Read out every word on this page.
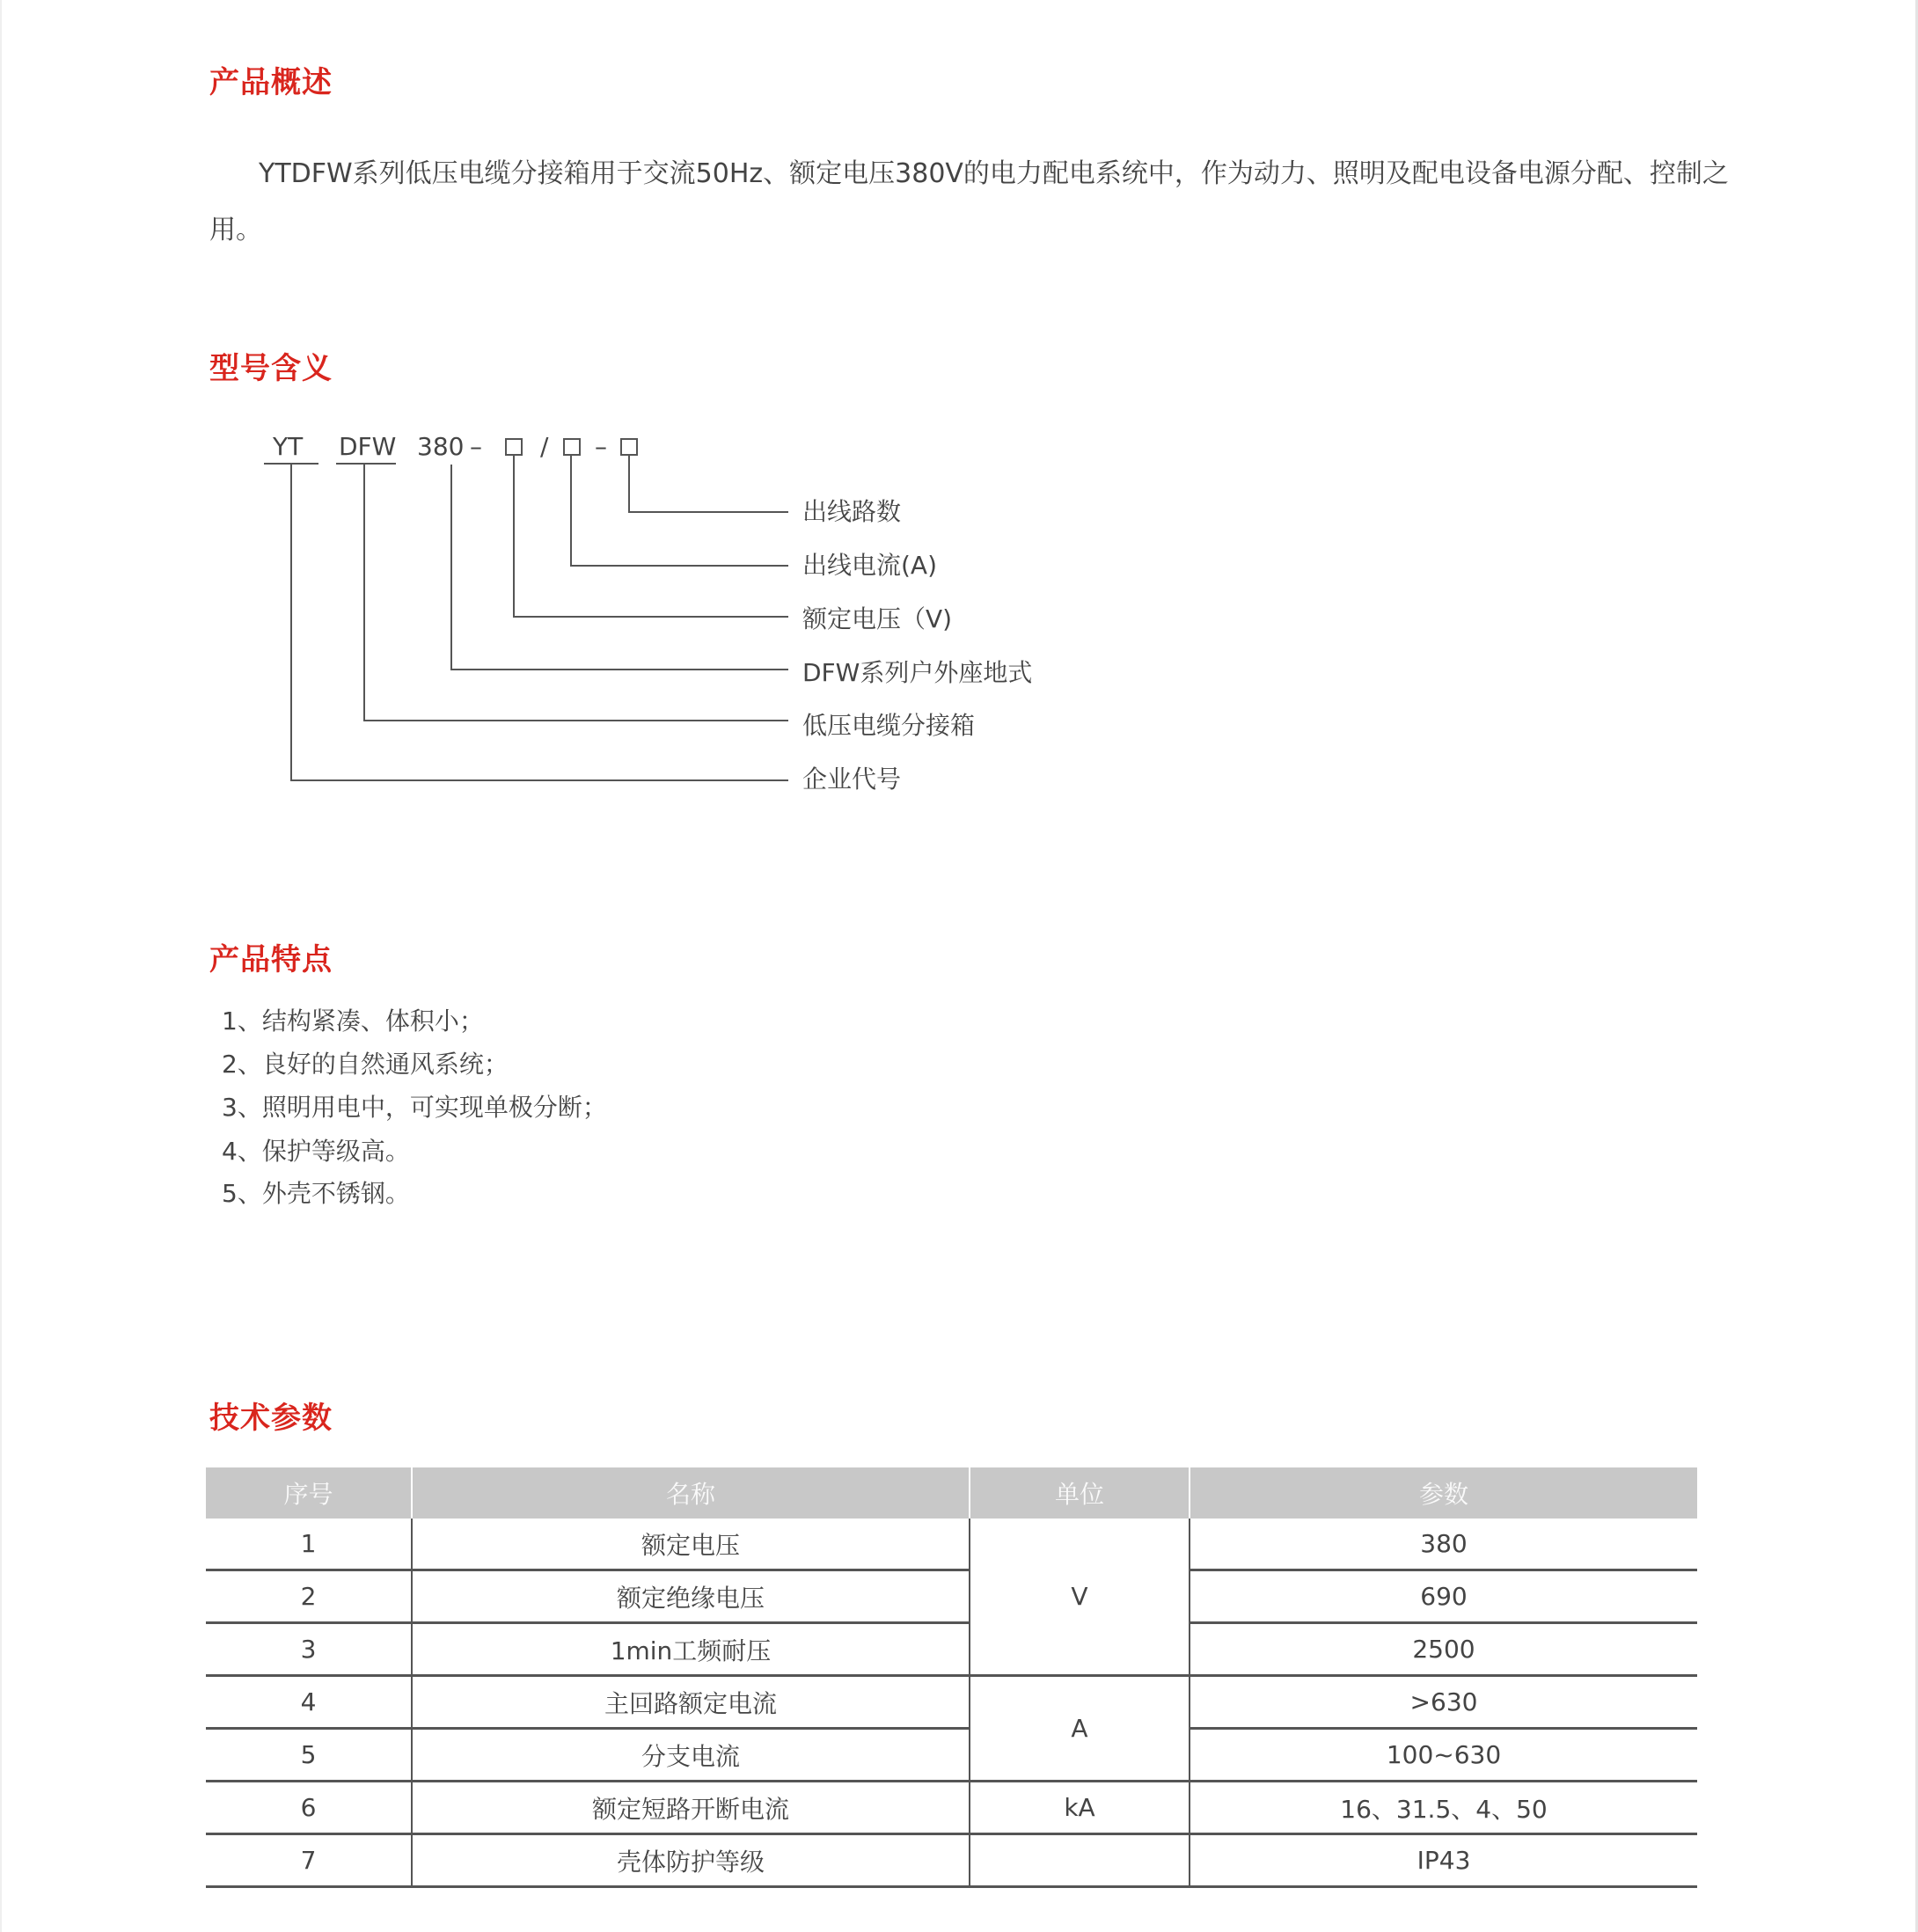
产品概述

YTDFW系列低压电缆分接箱用于交流50Hz、额定电压380V的电力配电系统中，作为动力、照明及配电设备电源分配、控制之用。

型号含义
YT DFW 380 – / –
出线路数
出线电流(A)
额定电压（V)
DFW系列户外座地式
低压电缆分接箱
企业代号
产品特点
1、结构紧凑、体积小；
2、良好的自然通风系统；
3、照明用电中，可实现单极分断；
4、保护等级高。
5、外壳不锈钢。
技术参数
序号	名称	单位	参数
1	额定电压	V	380
2	额定绝缘电压		690
3	1min工频耐压		2500
4	主回路额定电流	A	>630
5	分支电流		100~630
6	额定短路开断电流	kA	16、31.5、4、50
7	壳体防护等级		IP43
